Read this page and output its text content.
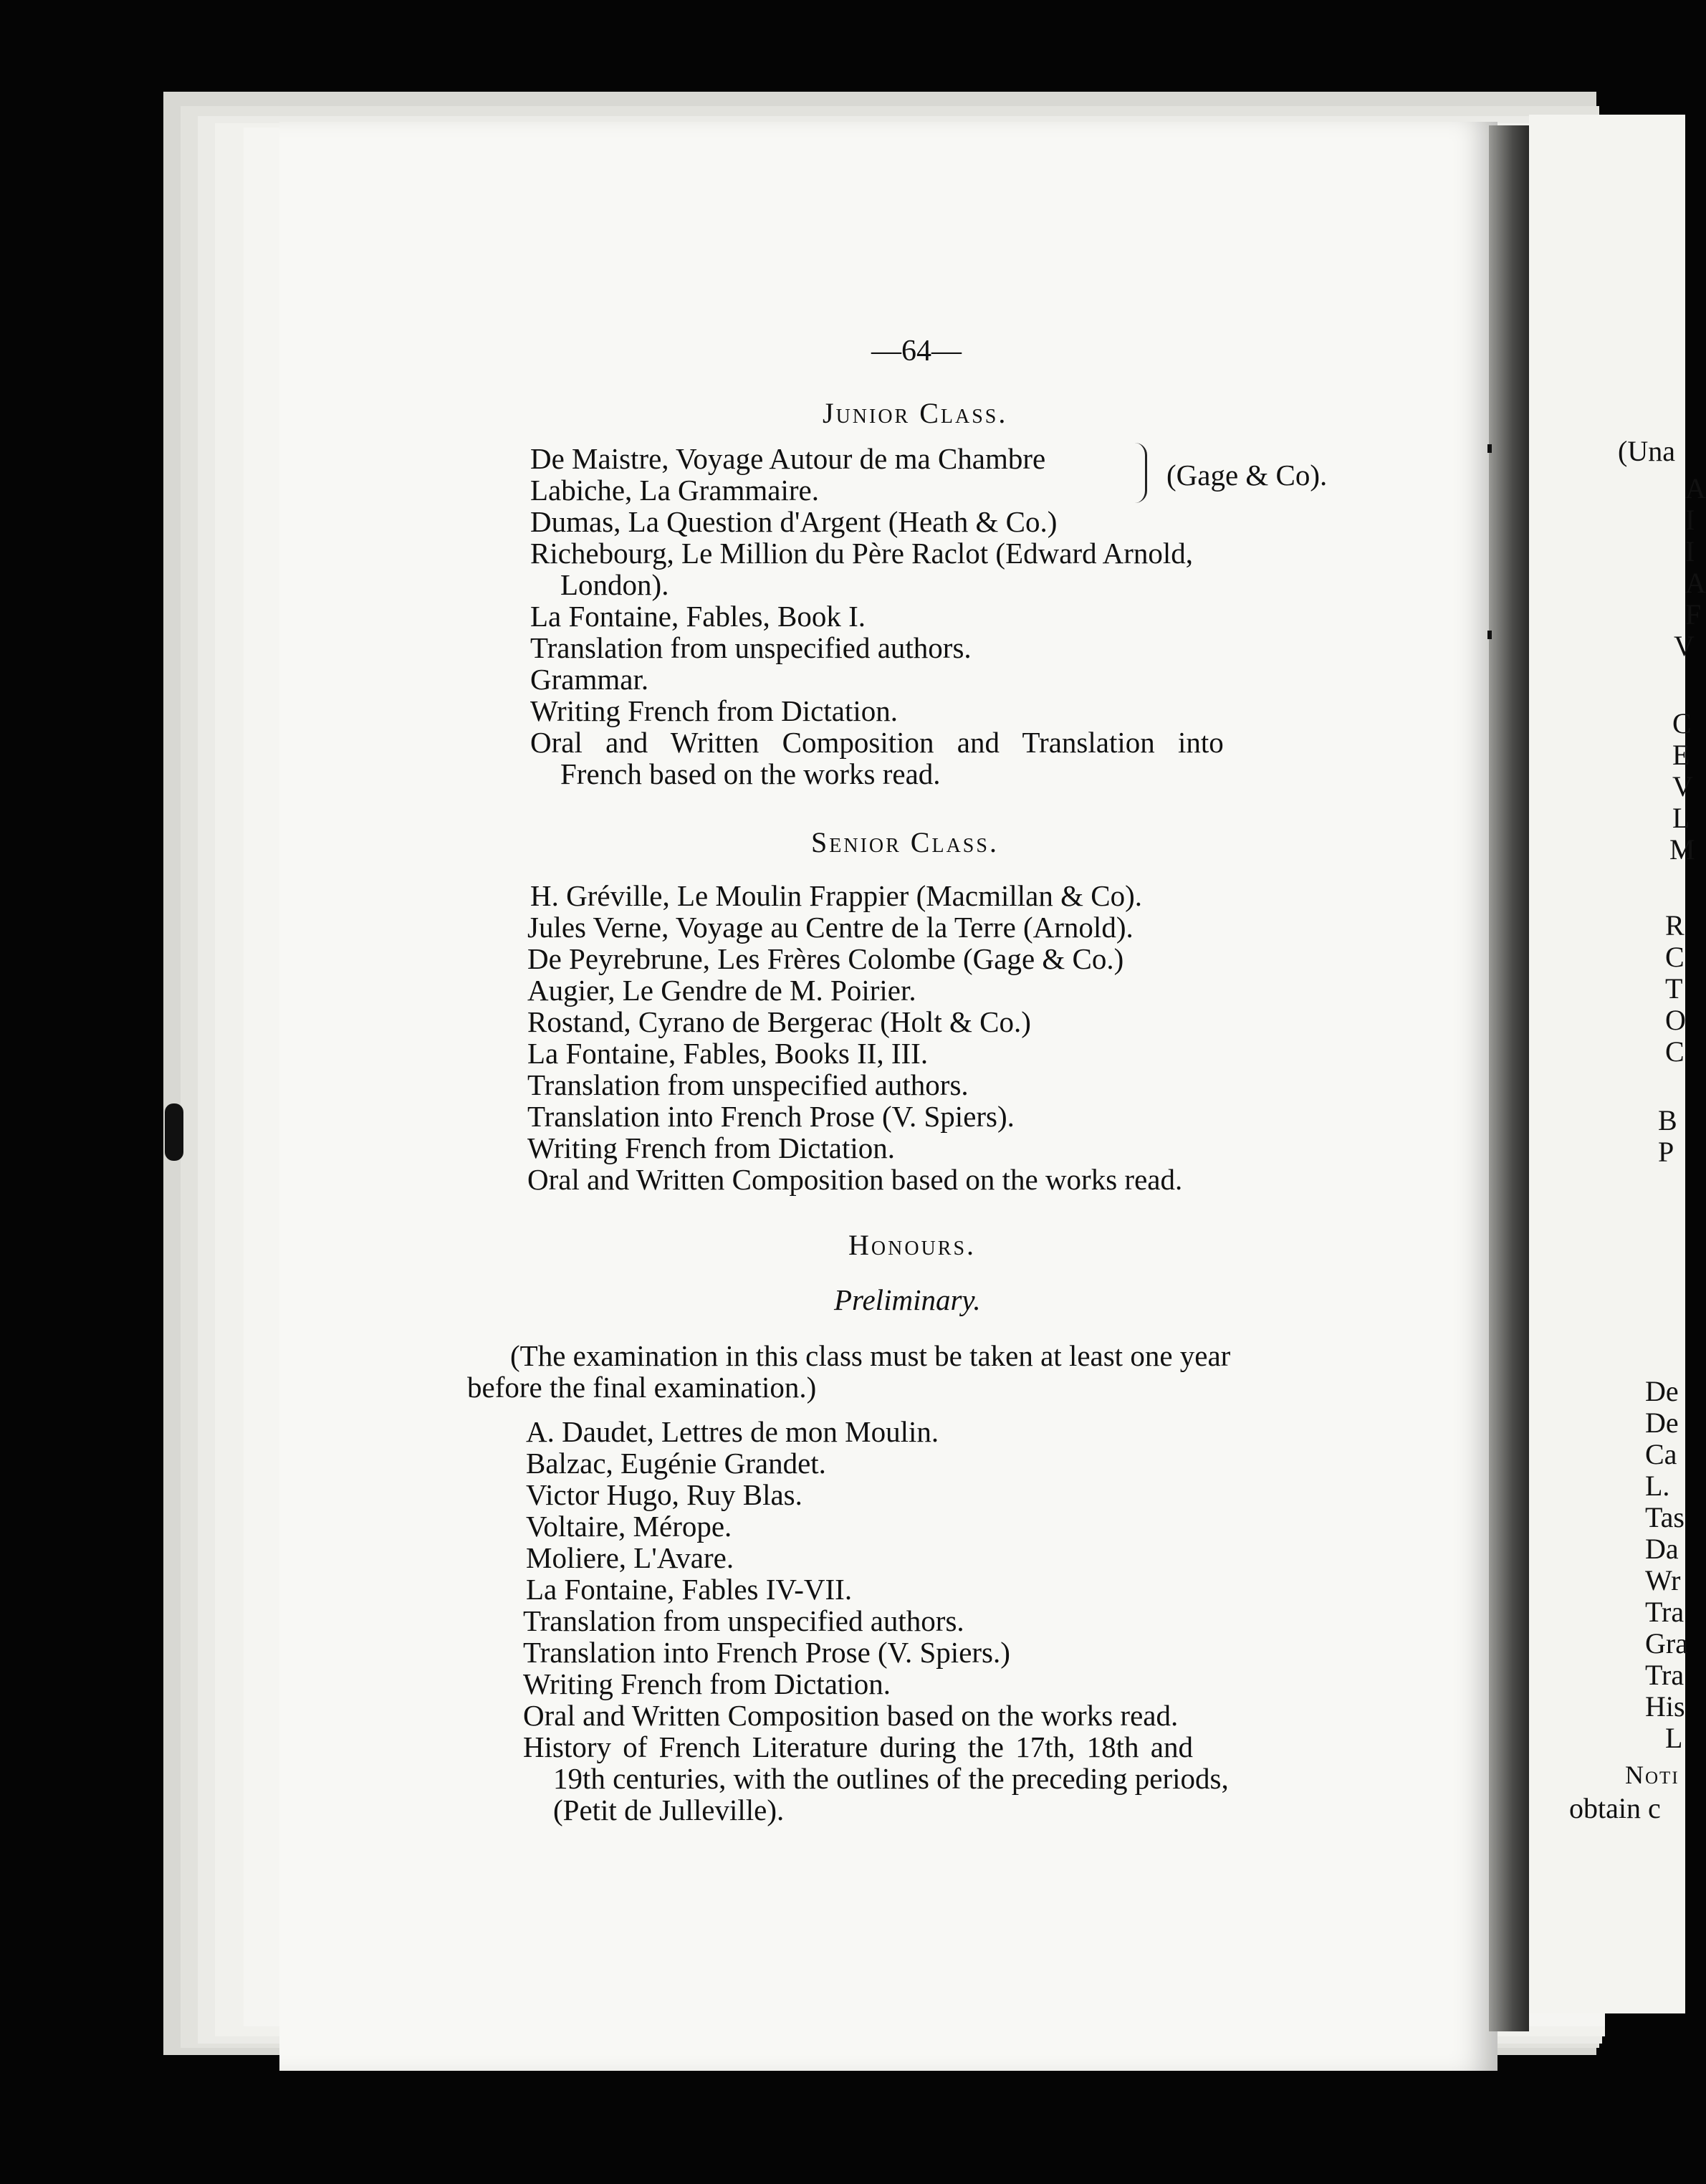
(Una
A
I
I
A
F
V
C
E
V
L
M
R
C
T
O
C
B
P
De
De
Ca
L.
Tas
Da
Wr
Tra
Gra
Tra
His
L
Noti
obtain c
—64—
Junior Class.
De Maistre, Voyage Autour de ma Chambre
Labiche, La Grammaire.	(Gage & Co).
Dumas, La Question d'Argent (Heath & Co.)
Richebourg, Le Million du Père Raclot (Edward Arnold,
London).
La Fontaine, Fables, Book I.
Translation from unspecified authors.
Grammar.
Writing French from Dictation.
Oral and Written Composition and Translation into
French based on the works read.
Senior Class.
H. Gréville, Le Moulin Frappier (Macmillan & Co).
Jules Verne, Voyage au Centre de la Terre (Arnold).
De Peyrebrune, Les Frères Colombe (Gage & Co.)
Augier, Le Gendre de M. Poirier.
Rostand, Cyrano de Bergerac (Holt & Co.)
La Fontaine, Fables, Books II, III.
Translation from unspecified authors.
Translation into French Prose (V. Spiers).
Writing French from Dictation.
Oral and Written Composition based on the works read.
Honours.
Preliminary.
(The examination in this class must be taken at least one year
before the final examination.)
A. Daudet, Lettres de mon Moulin.
Balzac, Eugénie Grandet.
Victor Hugo, Ruy Blas.
Voltaire, Mérope.
Moliere, L'Avare.
La Fontaine, Fables IV-VII.
Translation from unspecified authors.
Translation into French Prose (V. Spiers.)
Writing French from Dictation.
Oral and Written Composition based on the works read.
History of French Literature during the 17th, 18th and
19th centuries, with the outlines of the preceding periods,
(Petit de Julleville).
